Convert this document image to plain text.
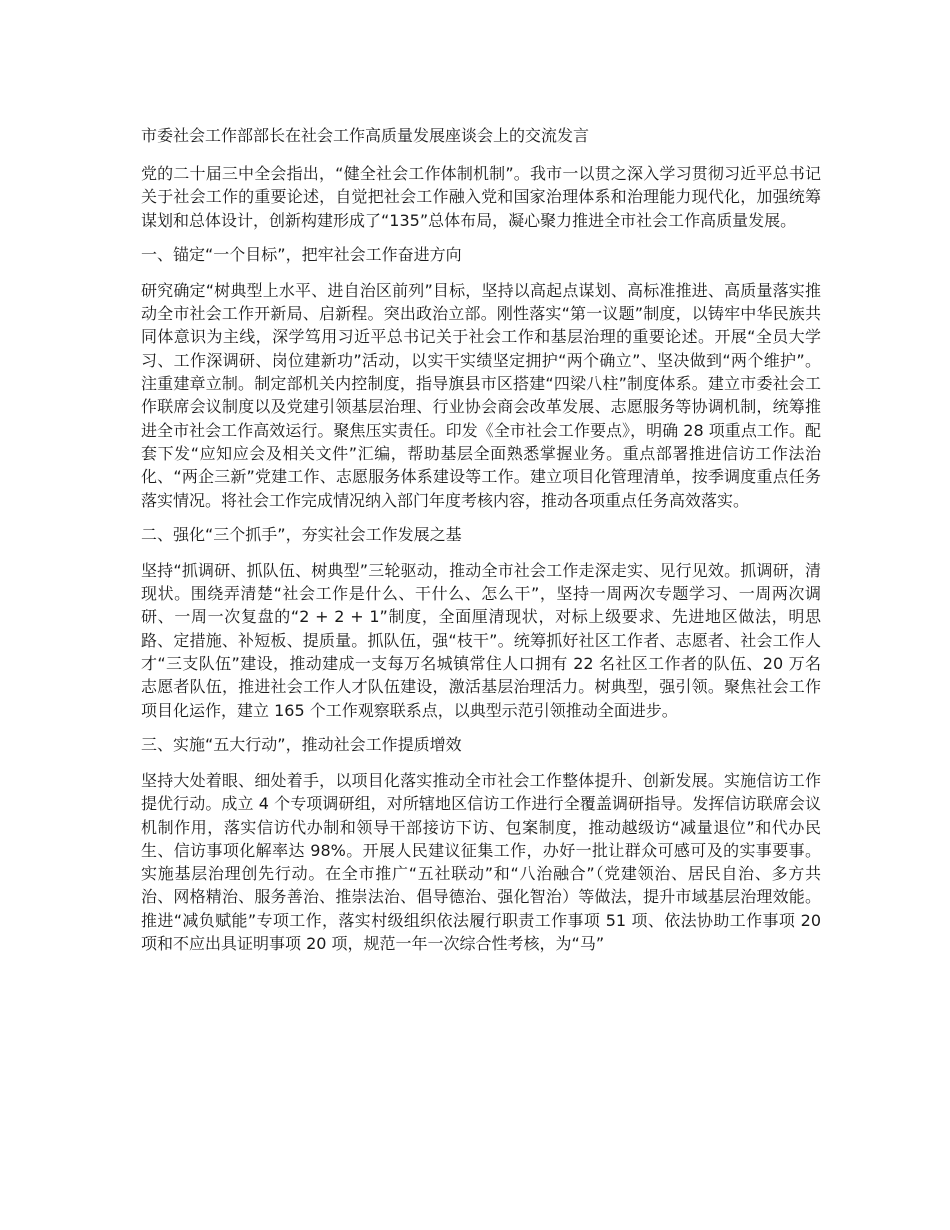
市委社会工作部部长在社会工作高质量发展座谈会上的交流发言

党的二十届三中全会指出，“健全社会工作体制机制”。我市一以贯之深入学习贯彻习近平总书记关于社会工作的重要论述，自觉把社会工作融入党和国家治理体系和治理能力现代化，加强统筹谋划和总体设计，创新构建形成了“135”总体布局，凝心聚力推进全市社会工作高质量发展。

一、锚定“一个目标”，把牢社会工作奋进方向

研究确定“树典型上水平、进自治区前列”目标，坚持以高起点谋划、高标准推进、高质量落实推动全市社会工作开新局、启新程。突出政治立部。刚性落实“第一议题”制度，以铸牢中华民族共同体意识为主线，深学笃用习近平总书记关于社会工作和基层治理的重要论述。开展“全员大学习、工作深调研、岗位建新功”活动，以实干实绩坚定拥护“两个确立”、坚决做到“两个维护”。注重建章立制。制定部机关内控制度，指导旗县市区搭建“四梁八柱”制度体系。建立市委社会工作联席会议制度以及党建引领基层治理、行业协会商会改革发展、志愿服务等协调机制，统筹推进全市社会工作高效运行。聚焦压实责任。印发《全市社会工作要点》，明确 28 项重点工作。配套下发“应知应会及相关文件”汇编，帮助基层全面熟悉掌握业务。重点部署推进信访工作法治化、“两企三新”党建工作、志愿服务体系建设等工作。建立项目化管理清单，按季调度重点任务落实情况。将社会工作完成情况纳入部门年度考核内容，推动各项重点任务高效落实。

二、强化“三个抓手”，夯实社会工作发展之基

坚持“抓调研、抓队伍、树典型”三轮驱动，推动全市社会工作走深走实、见行见效。抓调研，清现状。围绕弄清楚“社会工作是什么、干什么、怎么干”，坚持一周两次专题学习、一周两次调研、一周一次复盘的“2 + 2 + 1”制度，全面厘清现状，对标上级要求、先进地区做法，明思路、定措施、补短板、提质量。抓队伍，强“枝干”。统筹抓好社区工作者、志愿者、社会工作人才“三支队伍”建设，推动建成一支每万名城镇常住人口拥有 22 名社区工作者的队伍、20 万名志愿者队伍，推进社会工作人才队伍建设，激活基层治理活力。树典型，强引领。聚焦社会工作项目化运作，建立 165 个工作观察联系点，以典型示范引领推动全面进步。

三、实施“五大行动”，推动社会工作提质增效

坚持大处着眼、细处着手，以项目化落实推动全市社会工作整体提升、创新发展。实施信访工作提优行动。成立 4 个专项调研组，对所辖地区信访工作进行全覆盖调研指导。发挥信访联席会议机制作用，落实信访代办制和领导干部接访下访、包案制度，推动越级访“减量退位”和代办民生、信访事项化解率达 98%。开展人民建议征集工作，办好一批让群众可感可及的实事要事。实施基层治理创先行动。在全市推广“五社联动”和“八治融合”（党建领治、居民自治、多方共治、网格精治、服务善治、推崇法治、倡导德治、强化智治）等做法，提升市域基层治理效能。推进“减负赋能”专项工作，落实村级组织依法履行职责工作事项 51 项、依法协助工作事项 20 项和不应出具证明事项 20 项，规范一年一次综合性考核，为“马”
